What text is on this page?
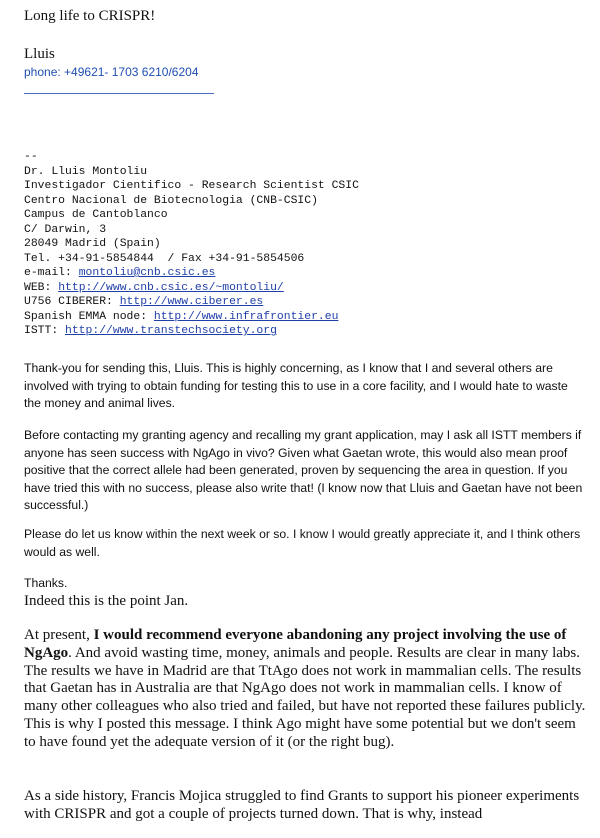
Long life to CRISPR!
Lluis
phone: +49621- 1703 6210/6204
--
Dr. Lluis Montoliu
Investigador Cientifico - Research Scientist CSIC
Centro Nacional de Biotecnologia (CNB-CSIC)
Campus de Cantoblanco
C/ Darwin, 3
28049 Madrid (Spain)
Tel. +34-91-5854844  / Fax +34-91-5854506
e-mail: montoliu@cnb.csic.es
WEB: http://www.cnb.csic.es/~montoliu/
U756 CIBERER: http://www.ciberer.es
Spanish EMMA node: http://www.infrafrontier.eu
ISTT: http://www.transtechsociety.org
Thank-you for sending this, Lluis. This is highly concerning, as I know that I and several others are involved with trying to obtain funding for testing this to use in a core facility, and I would hate to waste the money and animal lives.
Before contacting my granting agency and recalling my grant application, may I ask all ISTT members if anyone has seen success with NgAgo in vivo? Given what Gaetan wrote, this would also mean proof positive that the correct allele had been generated, proven by sequencing the area in question. If you have tried this with no success, please also write that! (I know now that Lluis and Gaetan have not been successful.)
Please do let us know within the next week or so. I know I would greatly appreciate it, and I think others would as well.
Thanks.
Indeed this is the point Jan.
At present, I would recommend everyone abandoning any project involving the use of NgAgo. And avoid wasting time, money, animals and people. Results are clear in many labs. The results we have in Madrid are that TtAgo does not work in mammalian cells. The results that Gaetan has in Australia are that NgAgo does not work in mammalian cells. I know of many other colleagues who also tried and failed, but have not reported these failures publicly. This is why I posted this message. I think Ago might have some potential but we don't seem to have found yet the adequate version of it (or the right bug).
As a side history, Francis Mojica struggled to find Grants to support his pioneer experiments with CRISPR and got a couple of projects turned down. That is why, instead
